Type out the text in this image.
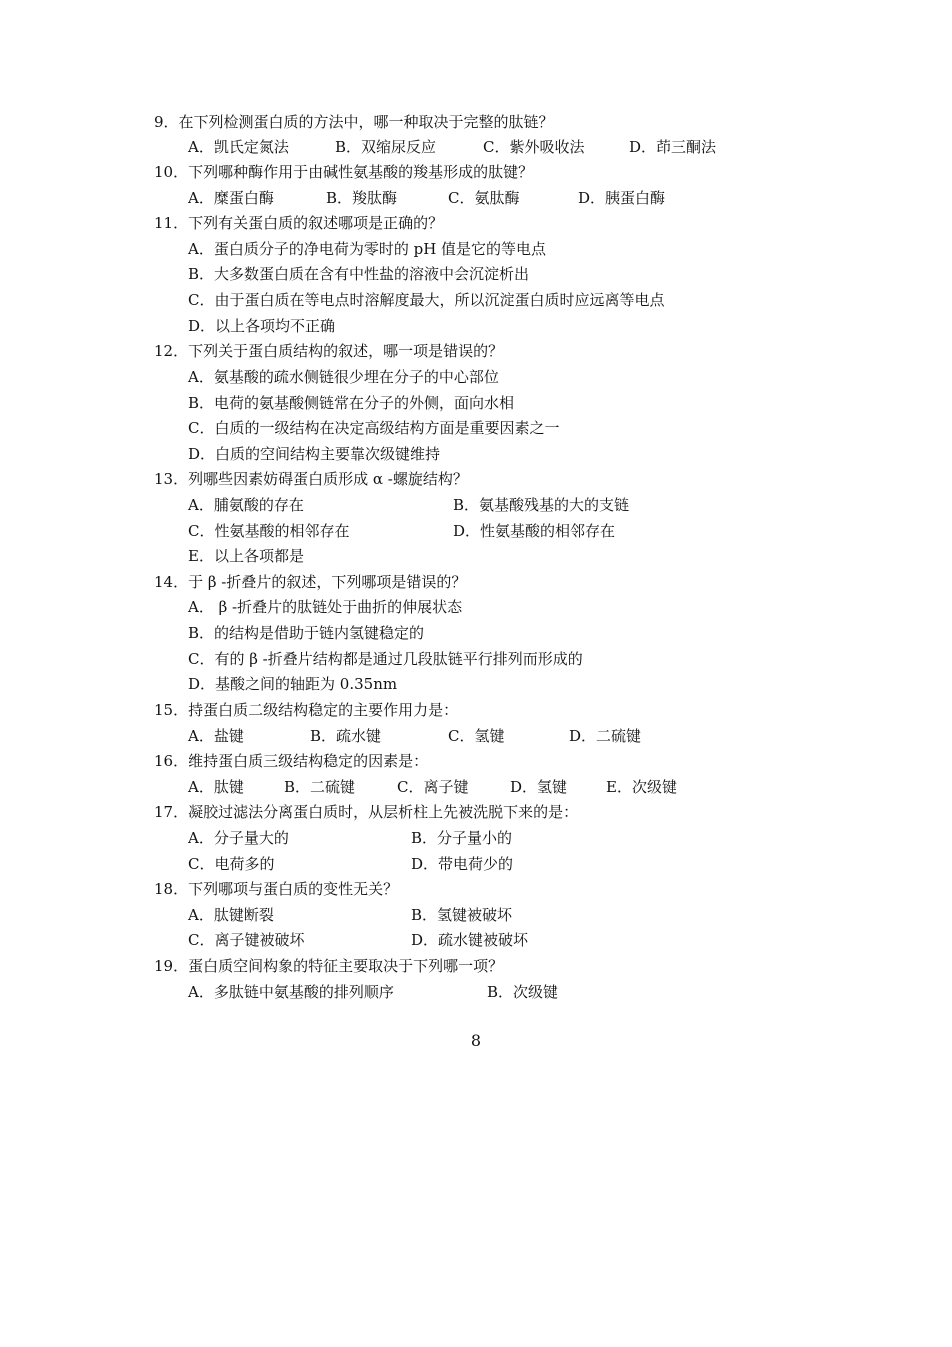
9．在下列检测蛋白质的方法中，哪一种取决于完整的肽链？
A．凯氏定氮法	B．双缩尿反应	C．紫外吸收法	D．茚三酮法
10．下列哪种酶作用于由碱性氨基酸的羧基形成的肽键？
A．糜蛋白酶	B．羧肽酶	C．氨肽酶	D．胰蛋白酶
11．下列有关蛋白质的叙述哪项是正确的？
A．蛋白质分子的净电荷为零时的 pH 值是它的等电点
B．大多数蛋白质在含有中性盐的溶液中会沉淀析出
C．由于蛋白质在等电点时溶解度最大，所以沉淀蛋白质时应远离等电点
D．以上各项均不正确
12．下列关于蛋白质结构的叙述，哪一项是错误的？
A．氨基酸的疏水侧链很少埋在分子的中心部位
B．电荷的氨基酸侧链常在分子的外侧，面向水相
C．白质的一级结构在决定高级结构方面是重要因素之一
D．白质的空间结构主要靠次级键维持
13．列哪些因素妨碍蛋白质形成 α -螺旋结构？
A．脯氨酸的存在	B．氨基酸残基的大的支链
C．性氨基酸的相邻存在	D．性氨基酸的相邻存在
E．以上各项都是
14．于 β -折叠片的叙述，下列哪项是错误的？
A． β -折叠片的肽链处于曲折的伸展状态
B．的结构是借助于链内氢键稳定的
C．有的 β -折叠片结构都是通过几段肽链平行排列而形成的
D．基酸之间的轴距为 0.35nm
15．持蛋白质二级结构稳定的主要作用力是：
A．盐键	B．疏水键	C．氢键	D．二硫键
16．维持蛋白质三级结构稳定的因素是：
A．肽键	B．二硫键	C．离子键	D．氢键	E．次级键
17．凝胶过滤法分离蛋白质时，从层析柱上先被洗脱下来的是：
A．分子量大的	B．分子量小的
C．电荷多的	D．带电荷少的
18．下列哪项与蛋白质的变性无关？
A．肽键断裂	B．氢键被破坏
C．离子键被破坏	D．疏水键被破坏
19．蛋白质空间构象的特征主要取决于下列哪一项？
A．多肽链中氨基酸的排列顺序	B．次级键
8
